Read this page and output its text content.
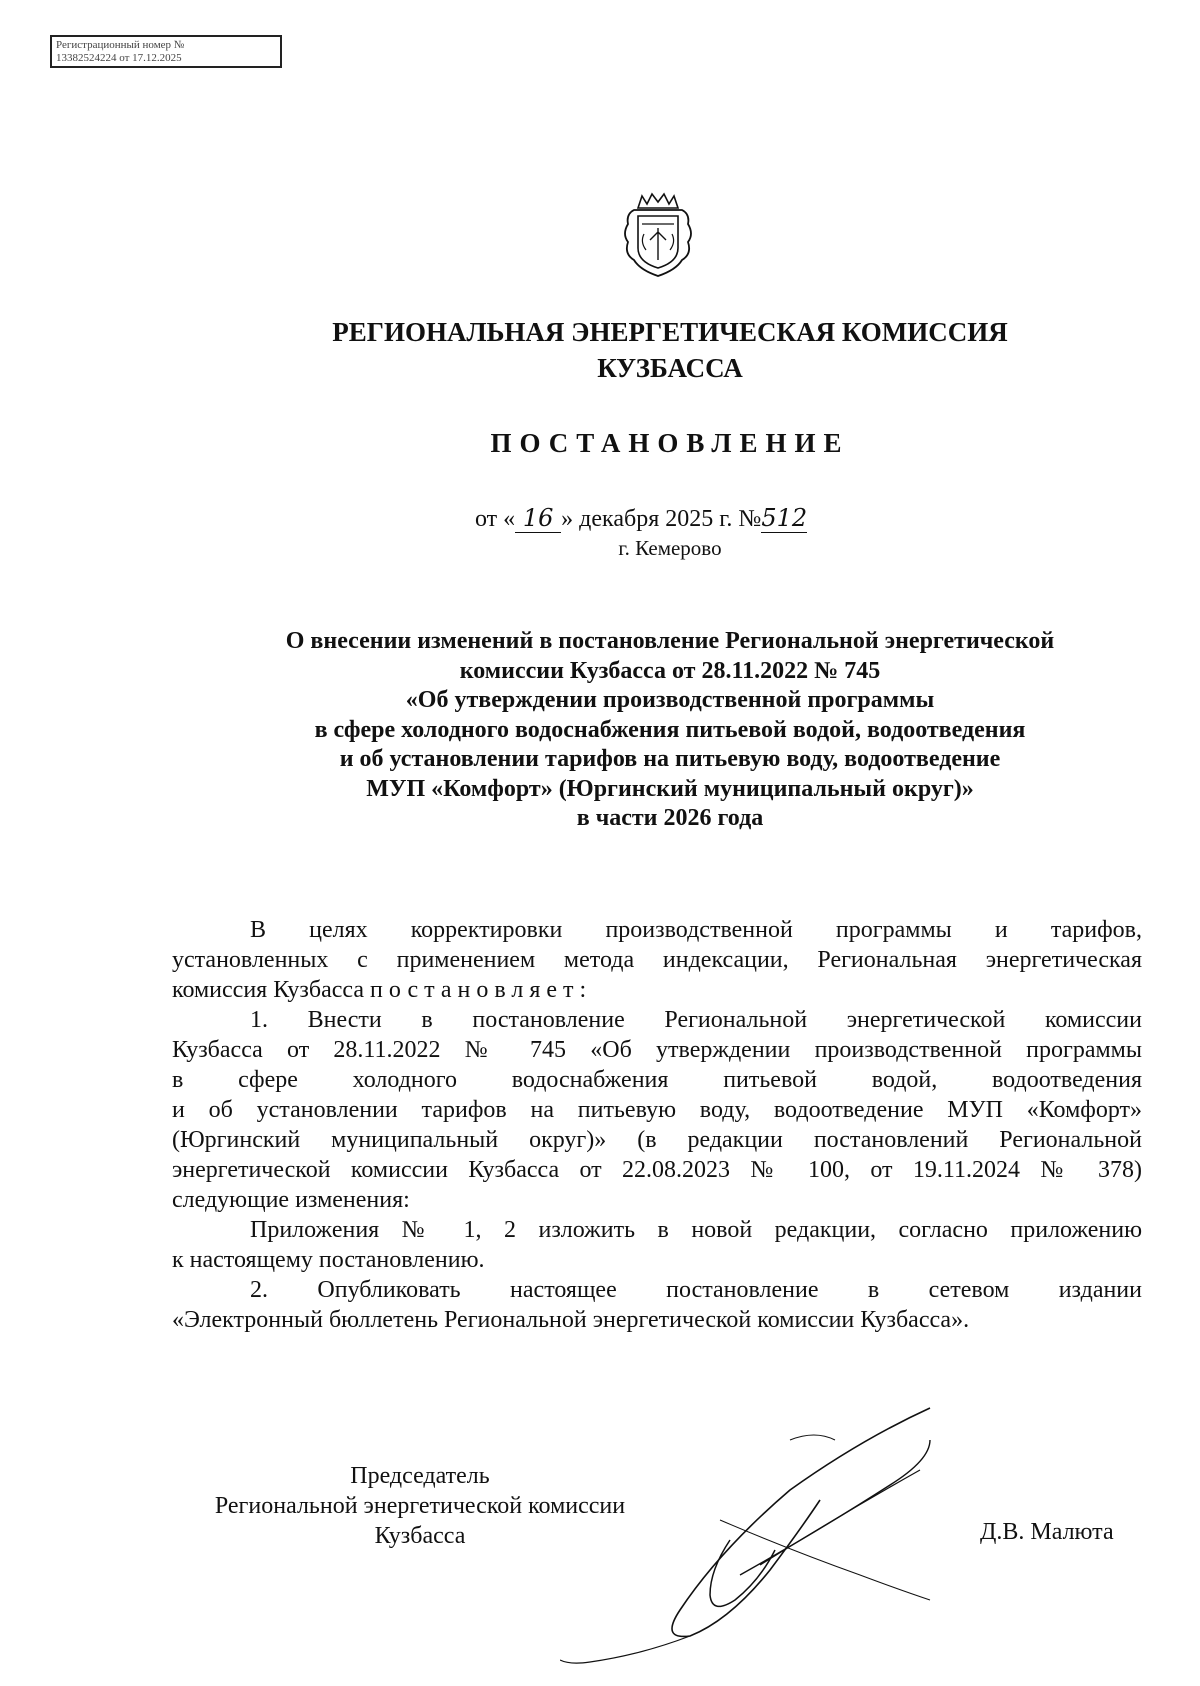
Регистрационный номер №
13382524224 от 17.12.2025
РЕГИОНАЛЬНАЯ ЭНЕРГЕТИЧЕСКАЯ КОМИССИЯ
КУЗБАССА
ПОСТАНОВЛЕНИЕ
от « 16 » декабря 2025 г. №512
г. Кемерово
О внесении изменений в постановление Региональной энергетической
комиссии Кузбасса от 28.11.2022 № 745
«Об утверждении производственной программы
в сфере холодного водоснабжения питьевой водой, водоотведения
и об установлении тарифов на питьевую воду, водоотведение
МУП «Комфорт» (Юргинский муниципальный округ)»
в части 2026 года

В целях корректировки производственной программы и тарифов,

установленных с применением метода индексации, Региональная энергетическая

комиссия Кузбасса постановляет:

1. Внести в постановление Региональной энергетической комиссии

Кузбасса от 28.11.2022 № 745 «Об утверждении производственной программы

в сфере холодного водоснабжения питьевой водой, водоотведения

и об установлении тарифов на питьевую воду, водоотведение МУП «Комфорт»

(Юргинский муниципальный округ)» (в редакции постановлений Региональной

энергетической комиссии Кузбасса от 22.08.2023 № 100, от 19.11.2024 № 378)

следующие изменения:

Приложения № 1, 2 изложить в новой редакции, согласно приложению

к настоящему постановлению.

2. Опубликовать настоящее постановление в сетевом издании

«Электронный бюллетень Региональной энергетической комиссии Кузбасса».

Председатель
Региональной энергетической комиссии
Кузбасса	Д.В. Малюта
